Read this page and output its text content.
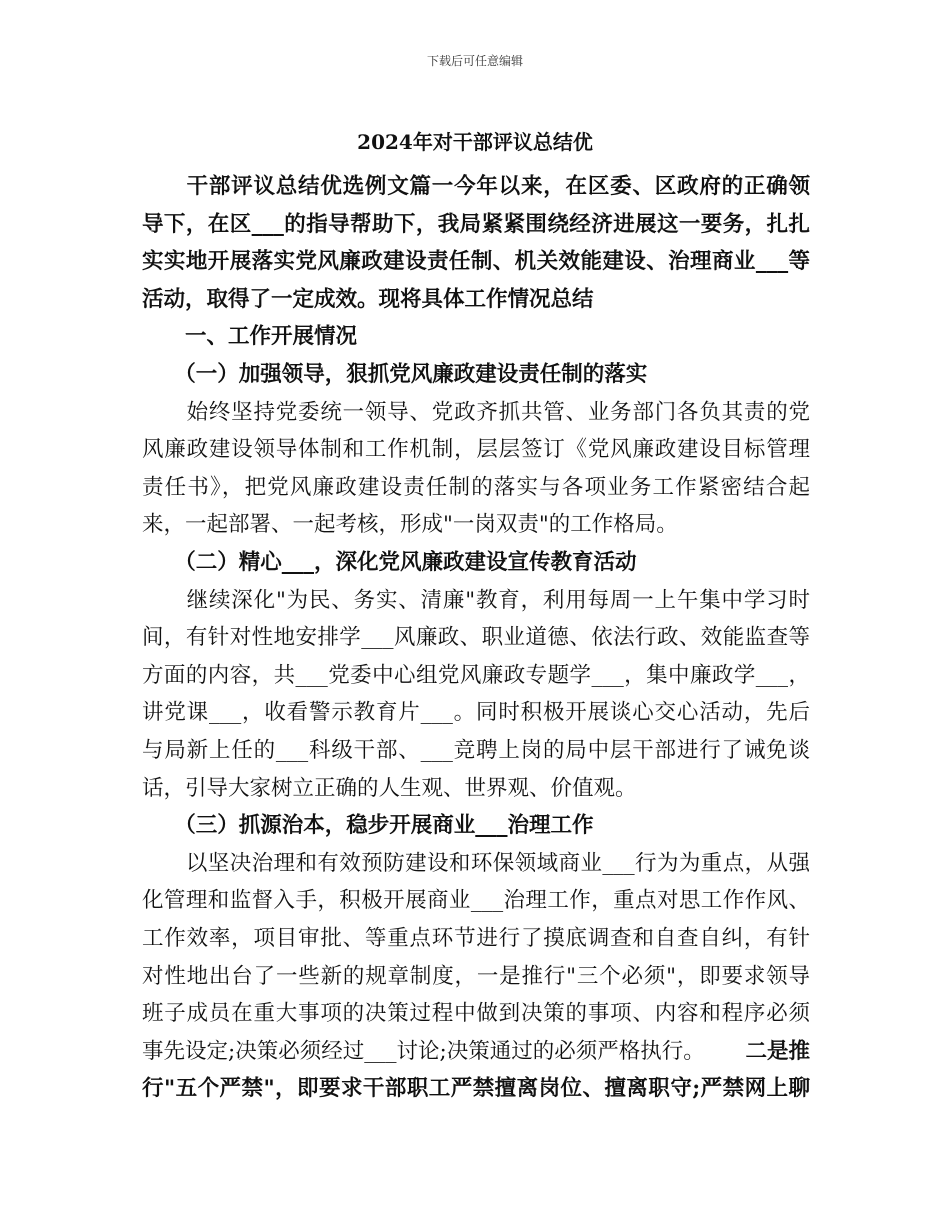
下载后可任意编辑
2024年对干部评议总结优
　　干部评议总结优选例文篇一今年以来，在区委、区政府的正确领
导下，在区___的指导帮助下，我局紧紧围绕经济进展这一要务，扎扎
实实地开展落实党风廉政建设责任制、机关效能建设、治理商业___等
活动，取得了一定成效。现将具体工作情况总结
　　一、工作开展情况
　　（一）加强领导，狠抓党风廉政建设责任制的落实
　　始终坚持党委统一领导、党政齐抓共管、业务部门各负其责的党
风廉政建设领导体制和工作机制，层层签订《党风廉政建设目标管理
责任书》，把党风廉政建设责任制的落实与各项业务工作紧密结合起
来，一起部署、一起考核，形成"一岗双责"的工作格局。
　　（二）精心___，深化党风廉政建设宣传教育活动
　　继续深化"为民、务实、清廉"教育，利用每周一上午集中学习时
间，有针对性地安排学___风廉政、职业道德、依法行政、效能监查等
方面的内容，共___党委中心组党风廉政专题学___，集中廉政学___，
讲党课___，收看警示教育片___。同时积极开展谈心交心活动，先后
与局新上任的___科级干部、___竞聘上岗的局中层干部进行了诫免谈
话，引导大家树立正确的人生观、世界观、价值观。
　　（三）抓源治本，稳步开展商业___治理工作
　　以坚决治理和有效预防建设和环保领域商业___行为为重点，从强
化管理和监督入手，积极开展商业___治理工作，重点对思工作作风、
工作效率，项目审批、等重点环节进行了摸底调查和自查自纠，有针
对性地出台了一些新的规章制度，一是推行"三个必须"，即要求领导
班子成员在重大事项的决策过程中做到决策的事项、内容和程序必须
事先设定;决策必须经过___讨论;决策通过的必须严格执行。 二是推
行"五个严禁"，即要求干部职工严禁擅离岗位、擅离职守;严禁网上聊
